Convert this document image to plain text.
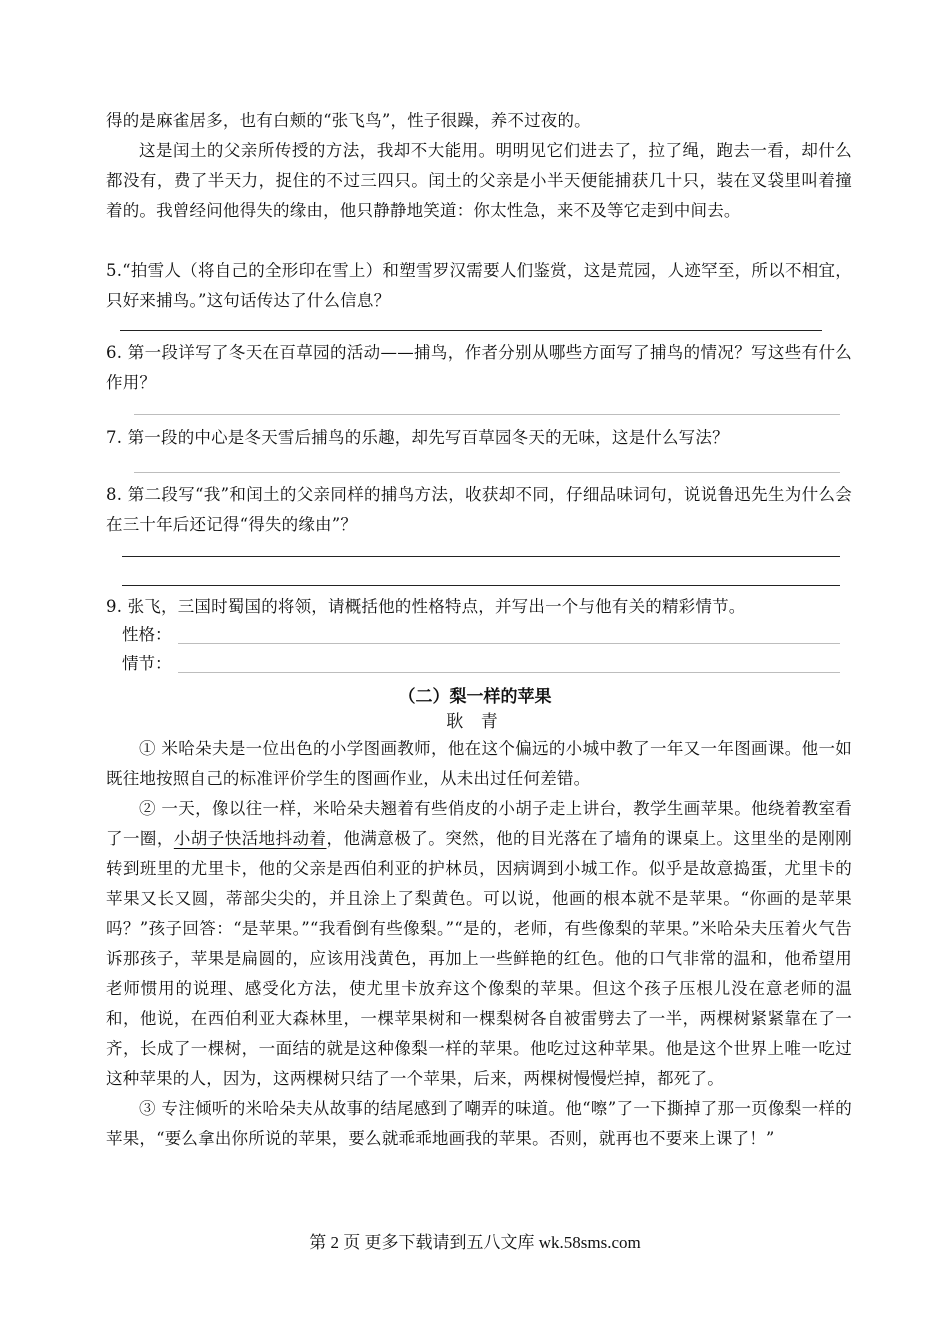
得的是麻雀居多，也有白颊的“张飞鸟”，性子很躁，养不过夜的。

这是闰土的父亲所传授的方法，我却不大能用。明明见它们进去了，拉了绳，跑去一看，却什么都没有，费了半天力，捉住的不过三四只。闰土的父亲是小半天便能捕获几十只，装在叉袋里叫着撞着的。我曾经问他得失的缘由，他只静静地笑道：你太性急，来不及等它走到中间去。

5.“拍雪人（将自己的全形印在雪上）和塑雪罗汉需要人们鉴赏，这是荒园，人迹罕至，所以不相宜，只好来捕鸟。”这句话传达了什么信息？

6. 第一段详写了冬天在百草园的活动——捕鸟，作者分别从哪些方面写了捕鸟的情况？写这些有什么作用？

7. 第一段的中心是冬天雪后捕鸟的乐趣，却先写百草园冬天的无味，这是什么写法？

8. 第二段写“我”和闰土的父亲同样的捕鸟方法，收获却不同，仔细品味词句，说说鲁迅先生为什么会在三十年后还记得“得失的缘由”？

9. 张飞，三国时蜀国的将领，请概括他的性格特点，并写出一个与他有关的精彩情节。

性格：
情节：
（二）梨一样的苹果
耿 青

① 米哈朵夫是一位出色的小学图画教师，他在这个偏远的小城中教了一年又一年图画课。他一如既往地按照自己的标准评价学生的图画作业，从未出过任何差错。

② 一天，像以往一样，米哈朵夫翘着有些俏皮的小胡子走上讲台，教学生画苹果。他绕着教室看了一圈，小胡子快活地抖动着，他满意极了。突然，他的目光落在了墙角的课桌上。这里坐的是刚刚转到班里的尤里卡，他的父亲是西伯利亚的护林员，因病调到小城工作。似乎是故意捣蛋，尤里卡的苹果又长又圆，蒂部尖尖的，并且涂上了梨黄色。可以说，他画的根本就不是苹果。“你画的是苹果吗？”孩子回答：“是苹果。”“我看倒有些像梨。”“是的，老师，有些像梨的苹果。”米哈朵夫压着火气告诉那孩子，苹果是扁圆的，应该用浅黄色，再加上一些鲜艳的红色。他的口气非常的温和，他希望用老师惯用的说理、感受化方法，使尤里卡放弃这个像梨的苹果。但这个孩子压根儿没在意老师的温和，他说，在西伯利亚大森林里，一棵苹果树和一棵梨树各自被雷劈去了一半，两棵树紧紧靠在了一齐，长成了一棵树，一面结的就是这种像梨一样的苹果。他吃过这种苹果。他是这个世界上唯一吃过这种苹果的人，因为，这两棵树只结了一个苹果，后来，两棵树慢慢烂掉，都死了。

③ 专注倾听的米哈朵夫从故事的结尾感到了嘲弄的味道。他“嚓”了一下撕掉了那一页像梨一样的苹果，“要么拿出你所说的苹果，要么就乖乖地画我的苹果。否则，就再也不要来上课了！”

第 2 页 更多下载请到五八文库 wk.58sms.com
